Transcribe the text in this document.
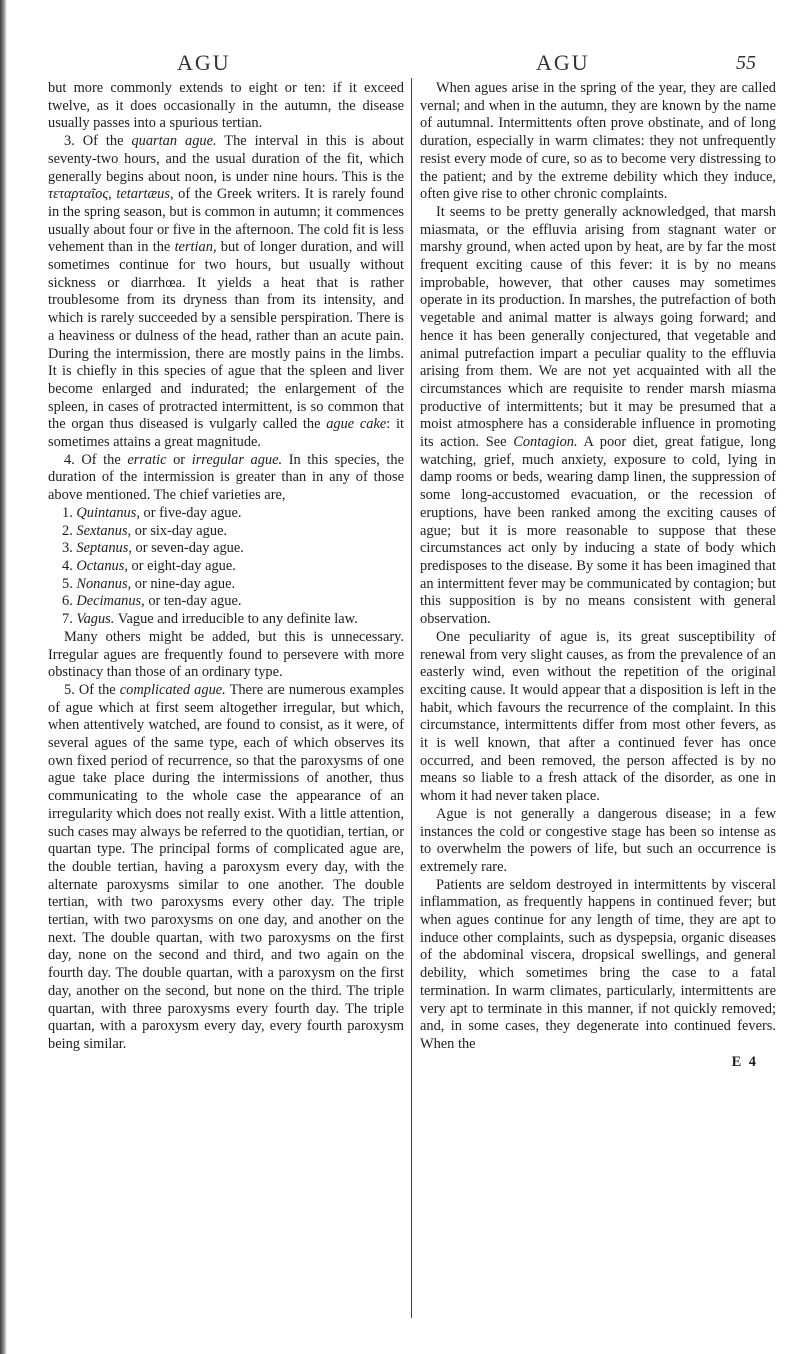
AGU	AGU	55

but more commonly extends to eight or ten: if it exceed twelve, as it does occasionally in the autumn, the disease usually passes into a spurious tertian.

3. Of the quartan ague. The interval in this is about seventy-two hours, and the usual duration of the fit, which generally begins about noon, is under nine hours. This is the τεταρταῖος, tetartæus, of the Greek writers. It is rarely found in the spring season, but is common in autumn; it commences usually about four or five in the afternoon. The cold fit is less vehement than in the tertian, but of longer duration, and will sometimes continue for two hours, but usually without sickness or diarrhœa. It yields a heat that is rather troublesome from its dryness than from its intensity, and which is rarely succeeded by a sensible perspiration. There is a heaviness or dulness of the head, rather than an acute pain. During the intermission, there are mostly pains in the limbs. It is chiefly in this species of ague that the spleen and liver become enlarged and indurated; the enlargement of the spleen, in cases of protracted intermittent, is so common that the organ thus diseased is vulgarly called the ague cake: it sometimes attains a great magnitude.

4. Of the erratic or irregular ague. In this species, the duration of the intermission is greater than in any of those above mentioned. The chief varieties are,

1. Quintanus, or five-day ague.

2. Sextanus, or six-day ague.

3. Septanus, or seven-day ague.

4. Octanus, or eight-day ague.

5. Nonanus, or nine-day ague.

6. Decimanus, or ten-day ague.

7. Vagus. Vague and irreducible to any definite law.

Many others might be added, but this is unnecessary. Irregular agues are frequently found to persevere with more obstinacy than those of an ordinary type.

5. Of the complicated ague. There are numerous examples of ague which at first seem altogether irregular, but which, when attentively watched, are found to consist, as it were, of several agues of the same type, each of which observes its own fixed period of recurrence, so that the paroxysms of one ague take place during the intermissions of another, thus communicating to the whole case the appearance of an irregularity which does not really exist. With a little attention, such cases may always be referred to the quotidian, tertian, or quartan type. The principal forms of complicated ague are, the double tertian, having a paroxysm every day, with the alternate paroxysms similar to one another. The double tertian, with two paroxysms every other day. The triple tertian, with two paroxysms on one day, and another on the next. The double quartan, with two paroxysms on the first day, none on the second and third, and two again on the fourth day. The double quartan, with a paroxysm on the first day, another on the second, but none on the third. The triple quartan, with three paroxysms every fourth day. The triple quartan, with a paroxysm every day, every fourth paroxysm being similar.

When agues arise in the spring of the year, they are called vernal; and when in the autumn, they are known by the name of autumnal. Intermittents often prove obstinate, and of long duration, especially in warm climates: they not unfrequently resist every mode of cure, so as to become very distressing to the patient; and by the extreme debility which they induce, often give rise to other chronic complaints.

It seems to be pretty generally acknowledged, that marsh miasmata, or the effluvia arising from stagnant water or marshy ground, when acted upon by heat, are by far the most frequent exciting cause of this fever: it is by no means improbable, however, that other causes may sometimes operate in its production. In marshes, the putrefaction of both vegetable and animal matter is always going forward; and hence it has been generally conjectured, that vegetable and animal putrefaction impart a peculiar quality to the effluvia arising from them. We are not yet acquainted with all the circumstances which are requisite to render marsh miasma productive of intermittents; but it may be presumed that a moist atmosphere has a considerable influence in promoting its action. See Contagion. A poor diet, great fatigue, long watching, grief, much anxiety, exposure to cold, lying in damp rooms or beds, wearing damp linen, the suppression of some long-accustomed evacuation, or the recession of eruptions, have been ranked among the exciting causes of ague; but it is more reasonable to suppose that these circumstances act only by inducing a state of body which predisposes to the disease. By some it has been imagined that an intermittent fever may be communicated by contagion; but this supposition is by no means consistent with general observation.

One peculiarity of ague is, its great susceptibility of renewal from very slight causes, as from the prevalence of an easterly wind, even without the repetition of the original exciting cause. It would appear that a disposition is left in the habit, which favours the recurrence of the complaint. In this circumstance, intermittents differ from most other fevers, as it is well known, that after a continued fever has once occurred, and been removed, the person affected is by no means so liable to a fresh attack of the disorder, as one in whom it had never taken place.

Ague is not generally a dangerous disease; in a few instances the cold or congestive stage has been so intense as to overwhelm the powers of life, but such an occurrence is extremely rare.

Patients are seldom destroyed in intermittents by visceral inflammation, as frequently happens in continued fever; but when agues continue for any length of time, they are apt to induce other complaints, such as dyspepsia, organic diseases of the abdominal viscera, dropsical swellings, and general debility, which sometimes bring the case to a fatal termination. In warm climates, particularly, intermittents are very apt to terminate in this manner, if not quickly removed; and, in some cases, they degenerate into continued fevers. When the

E 4
